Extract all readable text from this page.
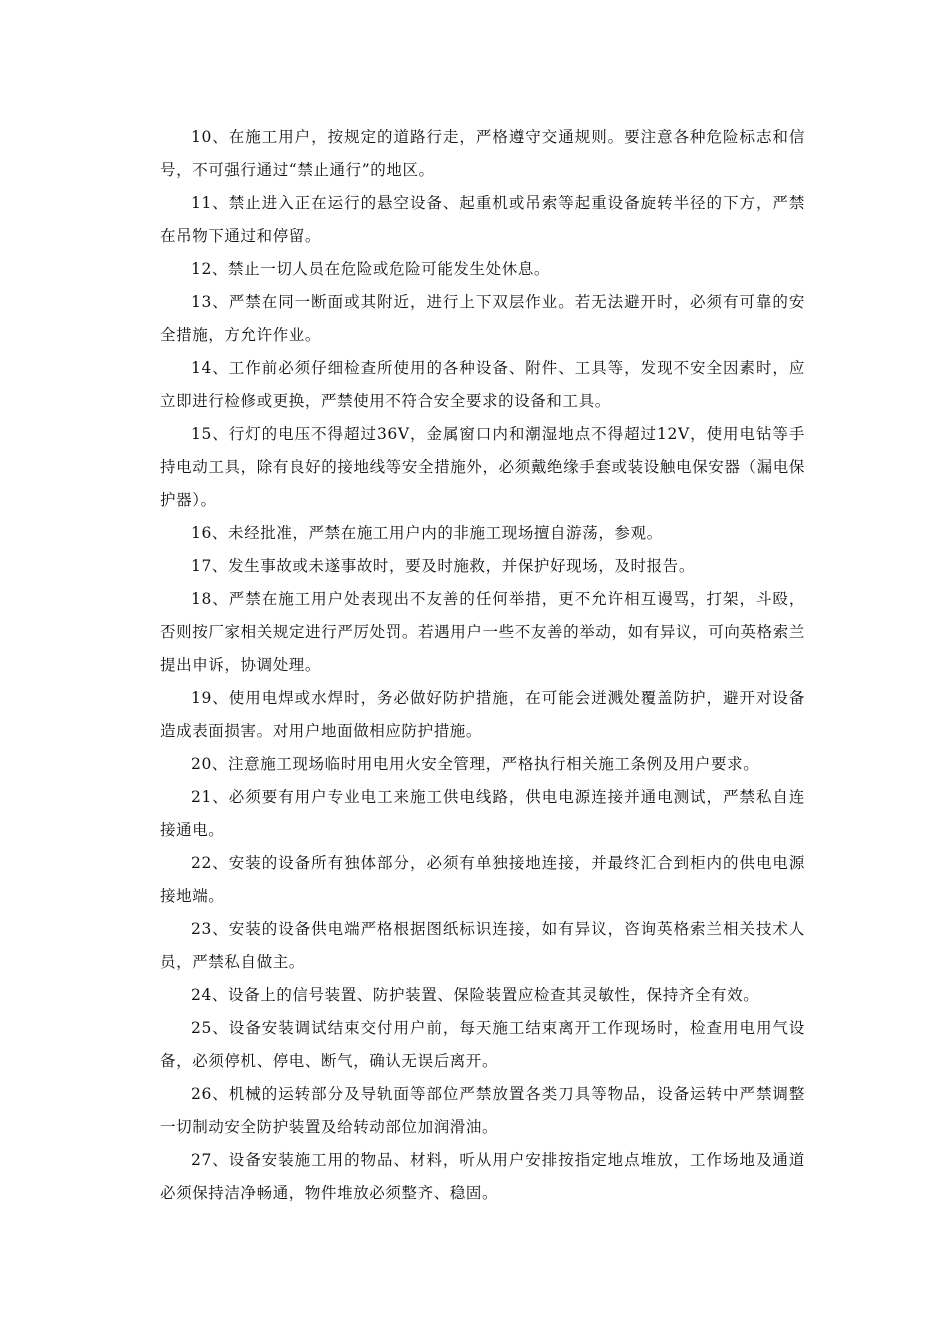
10、在施工用户，按规定的道路行走，严格遵守交通规则。要注意各种危险标志和信号，不可强行通过“禁止通行”的地区。

11、禁止进入正在运行的悬空设备、起重机或吊索等起重设备旋转半径的下方，严禁在吊物下通过和停留。

12、禁止一切人员在危险或危险可能发生处休息。

13、严禁在同一断面或其附近，进行上下双层作业。若无法避开时，必须有可靠的安全措施，方允许作业。

14、工作前必须仔细检查所使用的各种设备、附件、工具等，发现不安全因素时，应立即进行检修或更换，严禁使用不符合安全要求的设备和工具。

15、行灯的电压不得超过36V，金属窗口内和潮湿地点不得超过12V，使用电钻等手持电动工具，除有良好的接地线等安全措施外，必须戴绝缘手套或装设触电保安器（漏电保护器）。

16、未经批准，严禁在施工用户内的非施工现场擅自游荡，参观。

17、发生事故或未遂事故时，要及时施救，并保护好现场，及时报告。

18、严禁在施工用户处表现出不友善的任何举措，更不允许相互谩骂，打架，斗殴，否则按厂家相关规定进行严厉处罚。若遇用户一些不友善的举动，如有异议，可向英格索兰提出申诉，协调处理。

19、使用电焊或水焊时，务必做好防护措施，在可能会迸溅处覆盖防护，避开对设备造成表面损害。对用户地面做相应防护措施。

20、注意施工现场临时用电用火安全管理，严格执行相关施工条例及用户要求。

21、必须要有用户专业电工来施工供电线路，供电电源连接并通电测试，严禁私自连接通电。

22、安装的设备所有独体部分，必须有单独接地连接，并最终汇合到柜内的供电电源接地端。

23、安装的设备供电端严格根据图纸标识连接，如有异议，咨询英格索兰相关技术人员，严禁私自做主。

24、设备上的信号装置、防护装置、保险装置应检查其灵敏性，保持齐全有效。

25、设备安装调试结束交付用户前，每天施工结束离开工作现场时，检查用电用气设备，必须停机、停电、断气，确认无误后离开。

26、机械的运转部分及导轨面等部位严禁放置各类刀具等物品，设备运转中严禁调整一切制动安全防护装置及给转动部位加润滑油。

27、设备安装施工用的物品、材料，听从用户安排按指定地点堆放，工作场地及通道必须保持洁净畅通，物件堆放必须整齐、稳固。
